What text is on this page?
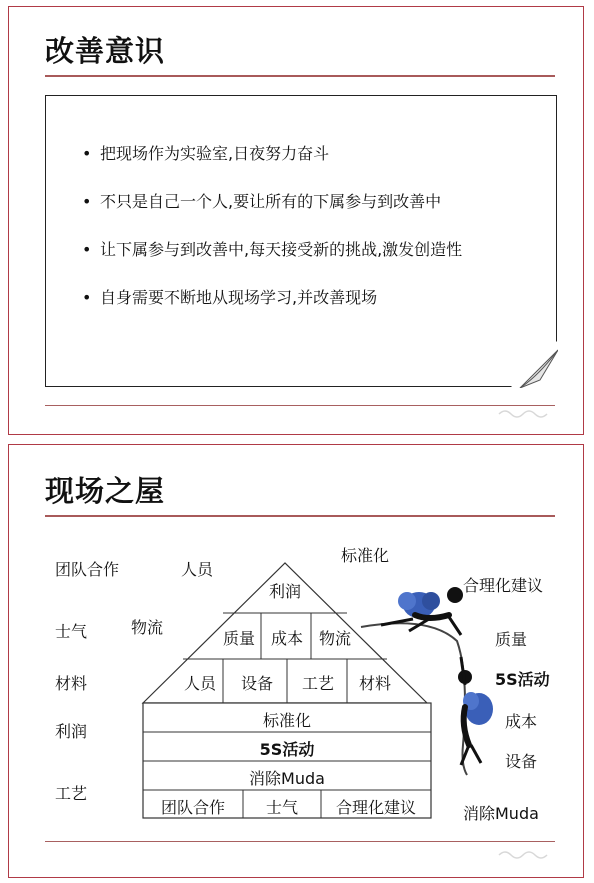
改善意识
• 把现场作为实验室,日夜努力奋斗
• 不只是自己一个人,要让所有的下属参与到改善中
• 让下属参与到改善中,每天接受新的挑战,激发创造性
• 自身需要不断地从现场学习,并改善现场
现场之屋
利润
质量 成本 物流
人员	设备	工艺	材料
标准化
5S活动
消除Muda
团队合作	士气	合理化建议
团队合作	人员
士气	物流
材料
利润
工艺
标准化
合理化建议
质量
5S活动
成本
设备
消除Muda
